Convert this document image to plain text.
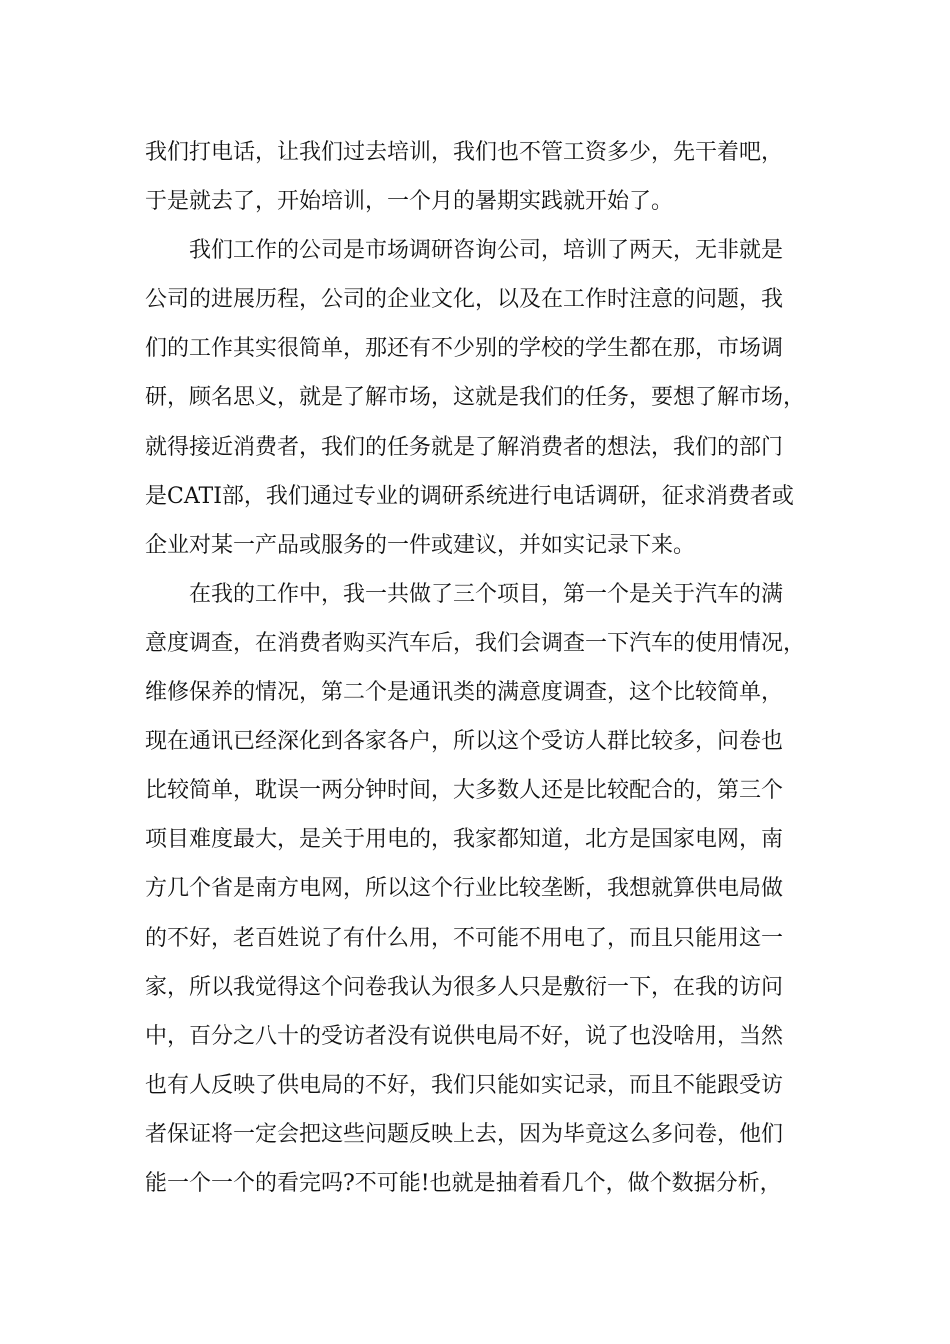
我们打电话，让我们过去培训，我们也不管工资多少，先干着吧，
于是就去了，开始培训，一个月的暑期实践就开始了。
我们工作的公司是市场调研咨询公司，培训了两天，无非就是
公司的进展历程，公司的企业文化，以及在工作时注意的问题，我
们的工作其实很简单，那还有不少别的学校的学生都在那，市场调
研，顾名思义，就是了解市场，这就是我们的任务，要想了解市场，
就得接近消费者，我们的任务就是了解消费者的想法，我们的部门
是CATI部，我们通过专业的调研系统进行电话调研，征求消费者或
企业对某一产品或服务的一件或建议，并如实记录下来。
在我的工作中，我一共做了三个项目，第一个是关于汽车的满
意度调查，在消费者购买汽车后，我们会调查一下汽车的使用情况，
维修保养的情况，第二个是通讯类的满意度调查，这个比较简单，
现在通讯已经深化到各家各户，所以这个受访人群比较多，问卷也
比较简单，耽误一两分钟时间，大多数人还是比较配合的，第三个
项目难度最大，是关于用电的，我家都知道，北方是国家电网，南
方几个省是南方电网，所以这个行业比较垄断，我想就算供电局做
的不好，老百姓说了有什么用，不可能不用电了，而且只能用这一
家，所以我觉得这个问卷我认为很多人只是敷衍一下，在我的访问
中，百分之八十的受访者没有说供电局不好，说了也没啥用，当然
也有人反映了供电局的不好，我们只能如实记录，而且不能跟受访
者保证将一定会把这些问题反映上去，因为毕竟这么多问卷，他们
能一个一个的看完吗?不可能!也就是抽着看几个，做个数据分析，
